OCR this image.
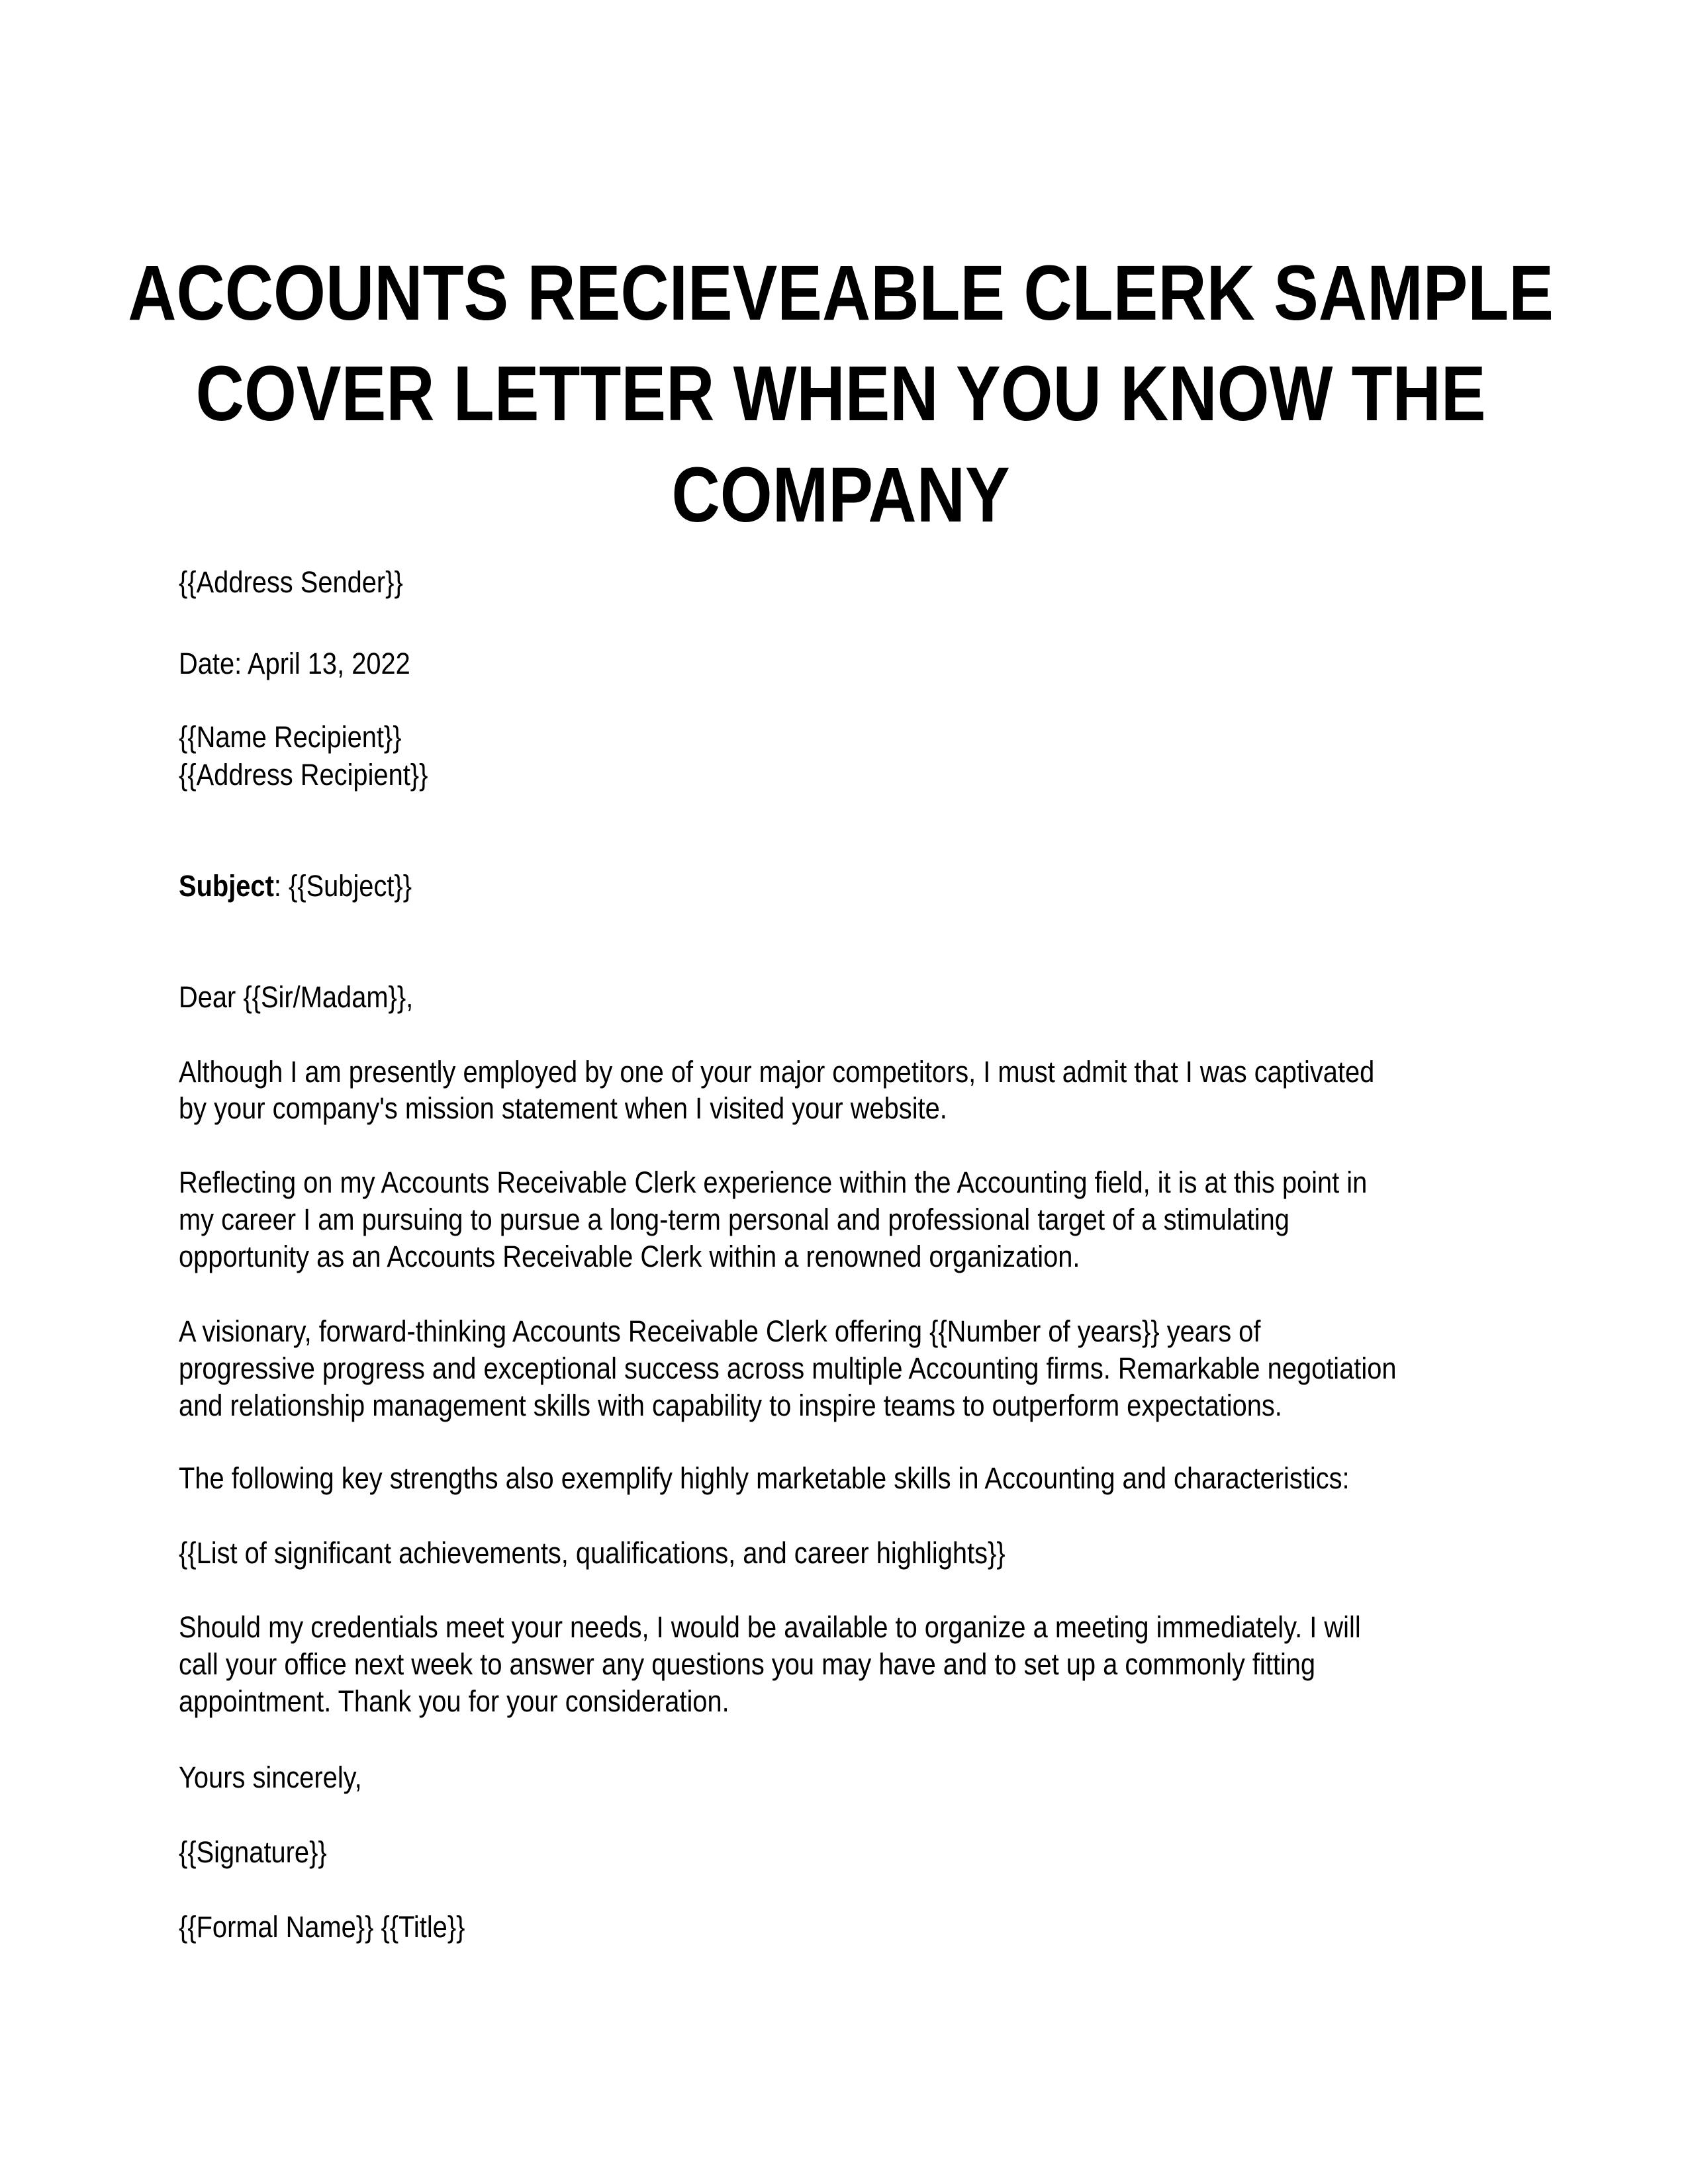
ACCOUNTS RECIEVEABLE CLERK SAMPLE
COVER LETTER WHEN YOU KNOW THE
COMPANY
{{Address Sender}}
Date: April 13, 2022
{{Name Recipient}}
{{Address Recipient}}
Subject: {{Subject}}
Dear {{Sir/Madam}},
Although I am presently employed by one of your major competitors, I must admit that I was captivated
by your company's mission statement when I visited your website.
Reflecting on my Accounts Receivable Clerk experience within the Accounting field, it is at this point in
my career I am pursuing to pursue a long-term personal and professional target of a stimulating
opportunity as an Accounts Receivable Clerk within a renowned organization.
A visionary, forward-thinking Accounts Receivable Clerk offering {{Number of years}} years of
progressive progress and exceptional success across multiple Accounting firms. Remarkable negotiation
and relationship management skills with capability to inspire teams to outperform expectations.
The following key strengths also exemplify highly marketable skills in Accounting and characteristics:
{{List of significant achievements, qualifications, and career highlights}}
Should my credentials meet your needs, I would be available to organize a meeting immediately. I will
call your office next week to answer any questions you may have and to set up a commonly fitting
appointment. Thank you for your consideration.
Yours sincerely,
{{Signature}}
{{Formal Name}} {{Title}}
